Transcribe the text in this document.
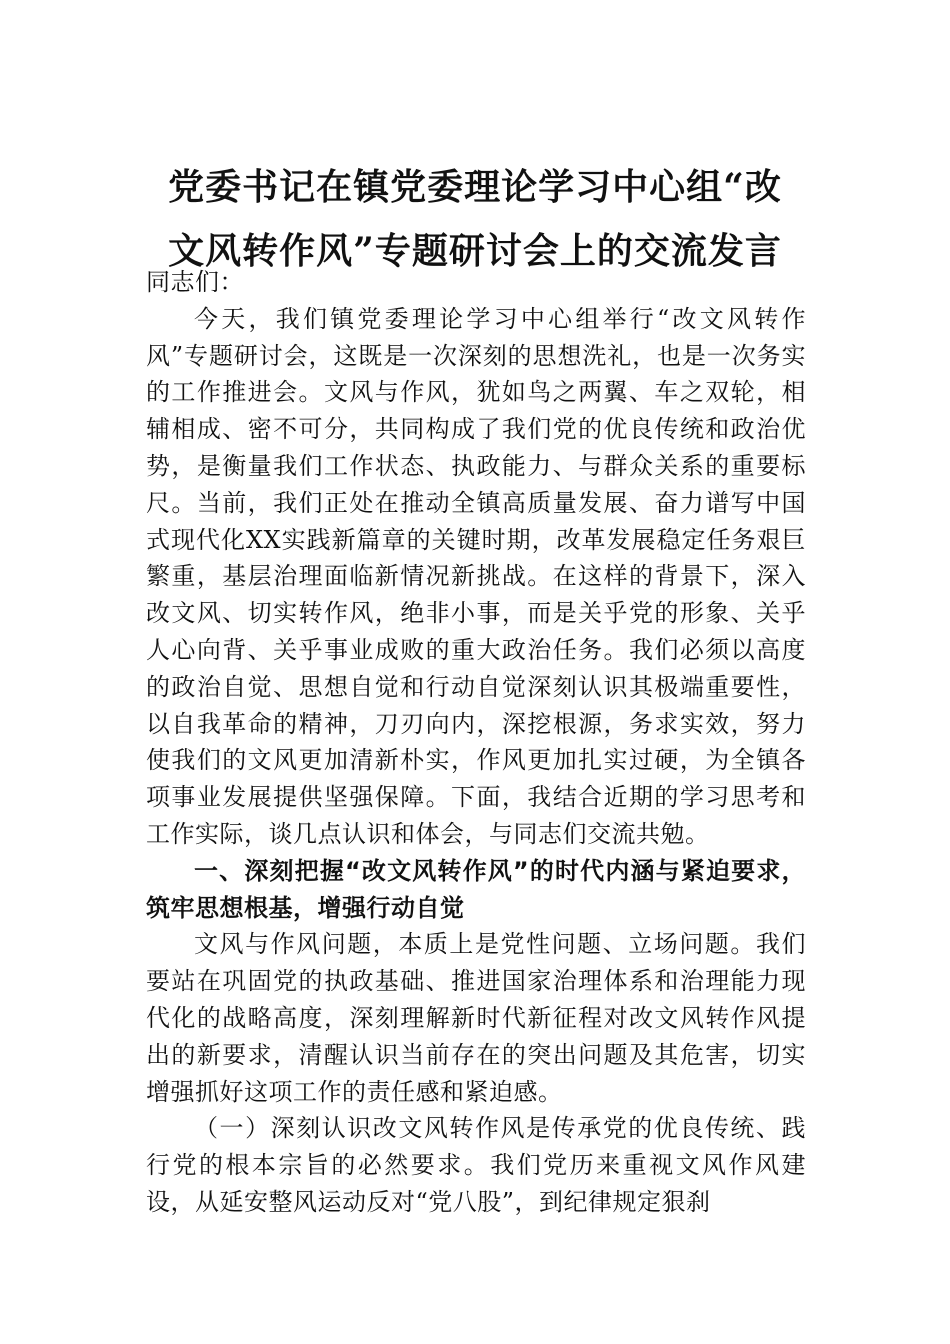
党委书记在镇党委理论学习中心组“改文风转作风”专题研讨会上的交流发言

同志们：

今天，我们镇党委理论学习中心组举行“改文风转作风”专题研讨会，这既是一次深刻的思想洗礼，也是一次务实的工作推进会。文风与作风，犹如鸟之两翼、车之双轮，相辅相成、密不可分，共同构成了我们党的优良传统和政治优势，是衡量我们工作状态、执政能力、与群众关系的重要标尺。当前，我们正处在推动全镇高质量发展、奋力谱写中国式现代化XX实践新篇章的关键时期，改革发展稳定任务艰巨繁重，基层治理面临新情况新挑战。在这样的背景下，深入改文风、切实转作风，绝非小事，而是关乎党的形象、关乎人心向背、关乎事业成败的重大政治任务。我们必须以高度的政治自觉、思想自觉和行动自觉深刻认识其极端重要性，以自我革命的精神，刀刃向内，深挖根源，务求实效，努力使我们的文风更加清新朴实，作风更加扎实过硬，为全镇各项事业发展提供坚强保障。下面，我结合近期的学习思考和工作实际，谈几点认识和体会，与同志们交流共勉。

一、深刻把握“改文风转作风”的时代内涵与紧迫要求，筑牢思想根基，增强行动自觉

文风与作风问题，本质上是党性问题、立场问题。我们要站在巩固党的执政基础、推进国家治理体系和治理能力现代化的战略高度，深刻理解新时代新征程对改文风转作风提出的新要求，清醒认识当前存在的突出问题及其危害，切实增强抓好这项工作的责任感和紧迫感。

（一）深刻认识改文风转作风是传承党的优良传统、践行党的根本宗旨的必然要求。我们党历来重视文风作风建设，从延安整风运动反对“党八股”，到纪律规定狠刹
